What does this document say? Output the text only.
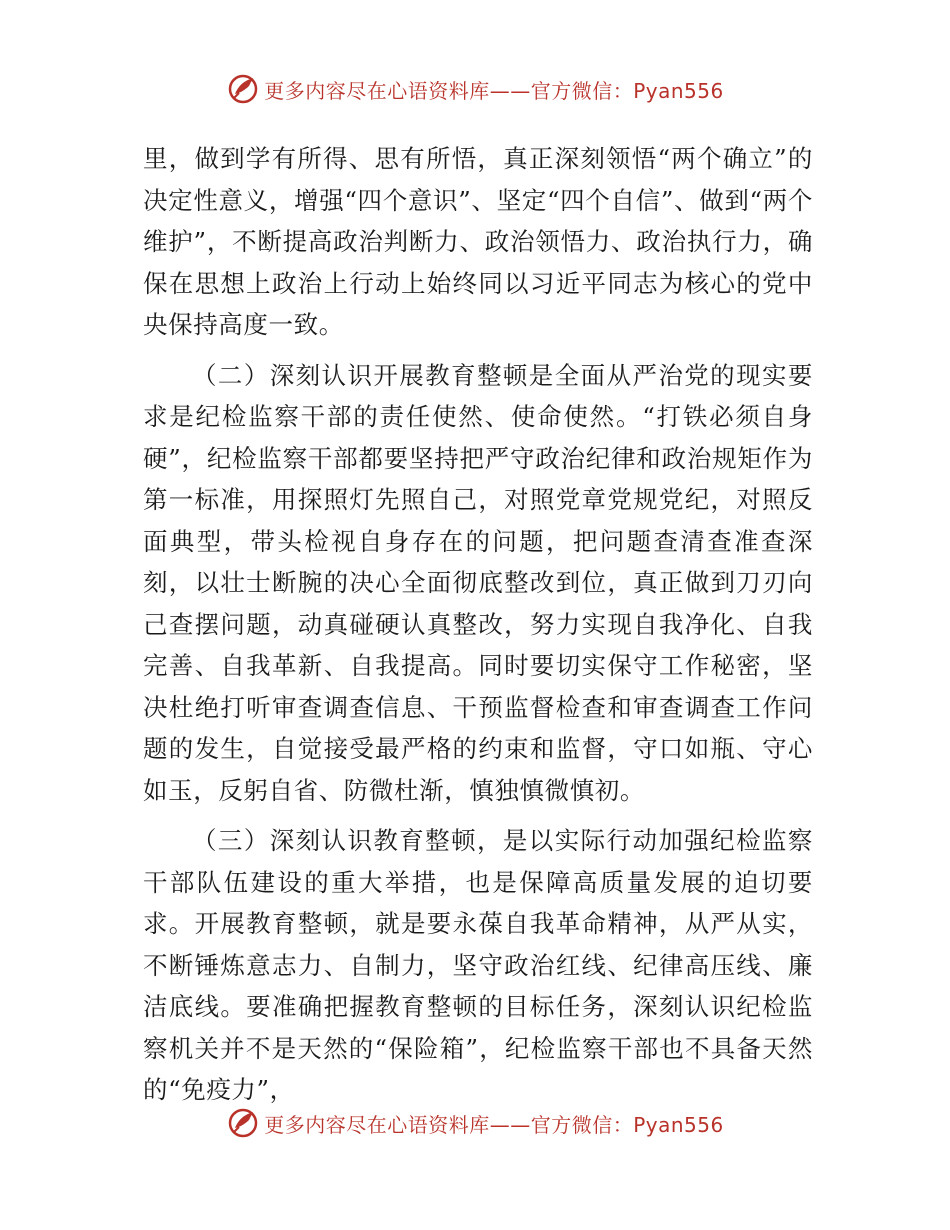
更多内容尽在心语资料库——官方微信：Pyan556

里，做到学有所得、思有所悟，真正深刻领悟“两个确立”的决定性意义，增强“四个意识”、坚定“四个自信”、做到“两个维护”，不断提高政治判断力、政治领悟力、政治执行力，确保在思想上政治上行动上始终同以习近平同志为核心的党中央保持高度一致。

（二）深刻认识开展教育整顿是全面从严治党的现实要求是纪检监察干部的责任使然、使命使然。“打铁必须自身硬”，纪检监察干部都要坚持把严守政治纪律和政治规矩作为第一标准，用探照灯先照自己，对照党章党规党纪，对照反面典型，带头检视自身存在的问题，把问题查清查准查深刻，以壮士断腕的决心全面彻底整改到位，真正做到刀刃向己查摆问题，动真碰硬认真整改，努力实现自我净化、自我完善、自我革新、自我提高。同时要切实保守工作秘密，坚决杜绝打听审查调查信息、干预监督检查和审查调查工作问题的发生，自觉接受最严格的约束和监督，守口如瓶、守心如玉，反躬自省、防微杜渐，慎独慎微慎初。

（三）深刻认识教育整顿，是以实际行动加强纪检监察干部队伍建设的重大举措，也是保障高质量发展的迫切要求。开展教育整顿，就是要永葆自我革命精神，从严从实，不断锤炼意志力、自制力，坚守政治红线、纪律高压线、廉洁底线。要准确把握教育整顿的目标任务，深刻认识纪检监察机关并不是天然的“保险箱”，纪检监察干部也不具备天然的“免疫力”，

更多内容尽在心语资料库——官方微信：Pyan556
